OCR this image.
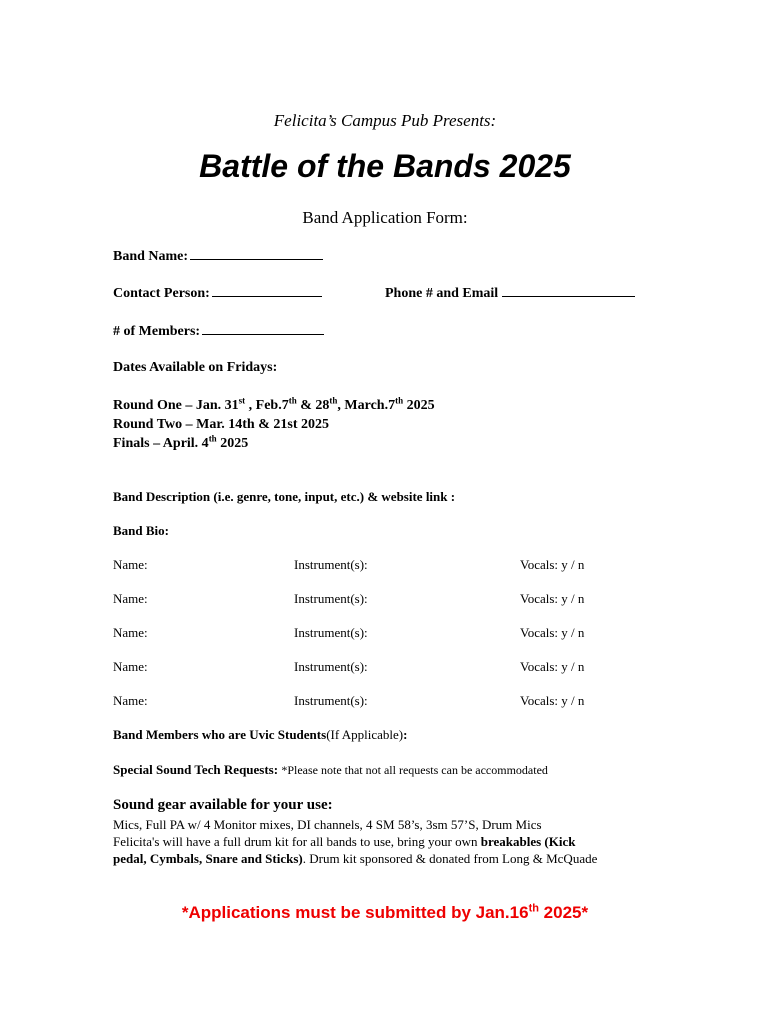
Felicita’s Campus Pub Presents:
Battle of the Bands 2025
Band Application Form:
Band Name:
Contact Person:	Phone # and Email
# of Members:
Dates Available on Fridays:
Round One – Jan. 31st , Feb.7th & 28th, March.7th 2025
Round Two – Mar. 14th & 21st 2025
Finals – April. 4th 2025
Band Description (i.e. genre, tone, input, etc.) & website link :
Band Bio:
Name:	Instrument(s):	Vocals: y / n
Name:	Instrument(s):	Vocals: y / n
Name:	Instrument(s):	Vocals: y / n
Name:	Instrument(s):	Vocals: y / n
Name:	Instrument(s):	Vocals: y / n
Band Members who are Uvic Students(If Applicable):
Special Sound Tech Requests: *Please note that not all requests can be accommodated
Sound gear available for your use:
Mics, Full PA w/ 4 Monitor mixes, DI channels, 4 SM 58’s, 3sm 57’S, Drum Mics
Felicita's will have a full drum kit for all bands to use, bring your own breakables (Kick
pedal, Cymbals, Snare and Sticks). Drum kit sponsored & donated from Long & McQuade
*Applications must be submitted by Jan.16th 2025*
